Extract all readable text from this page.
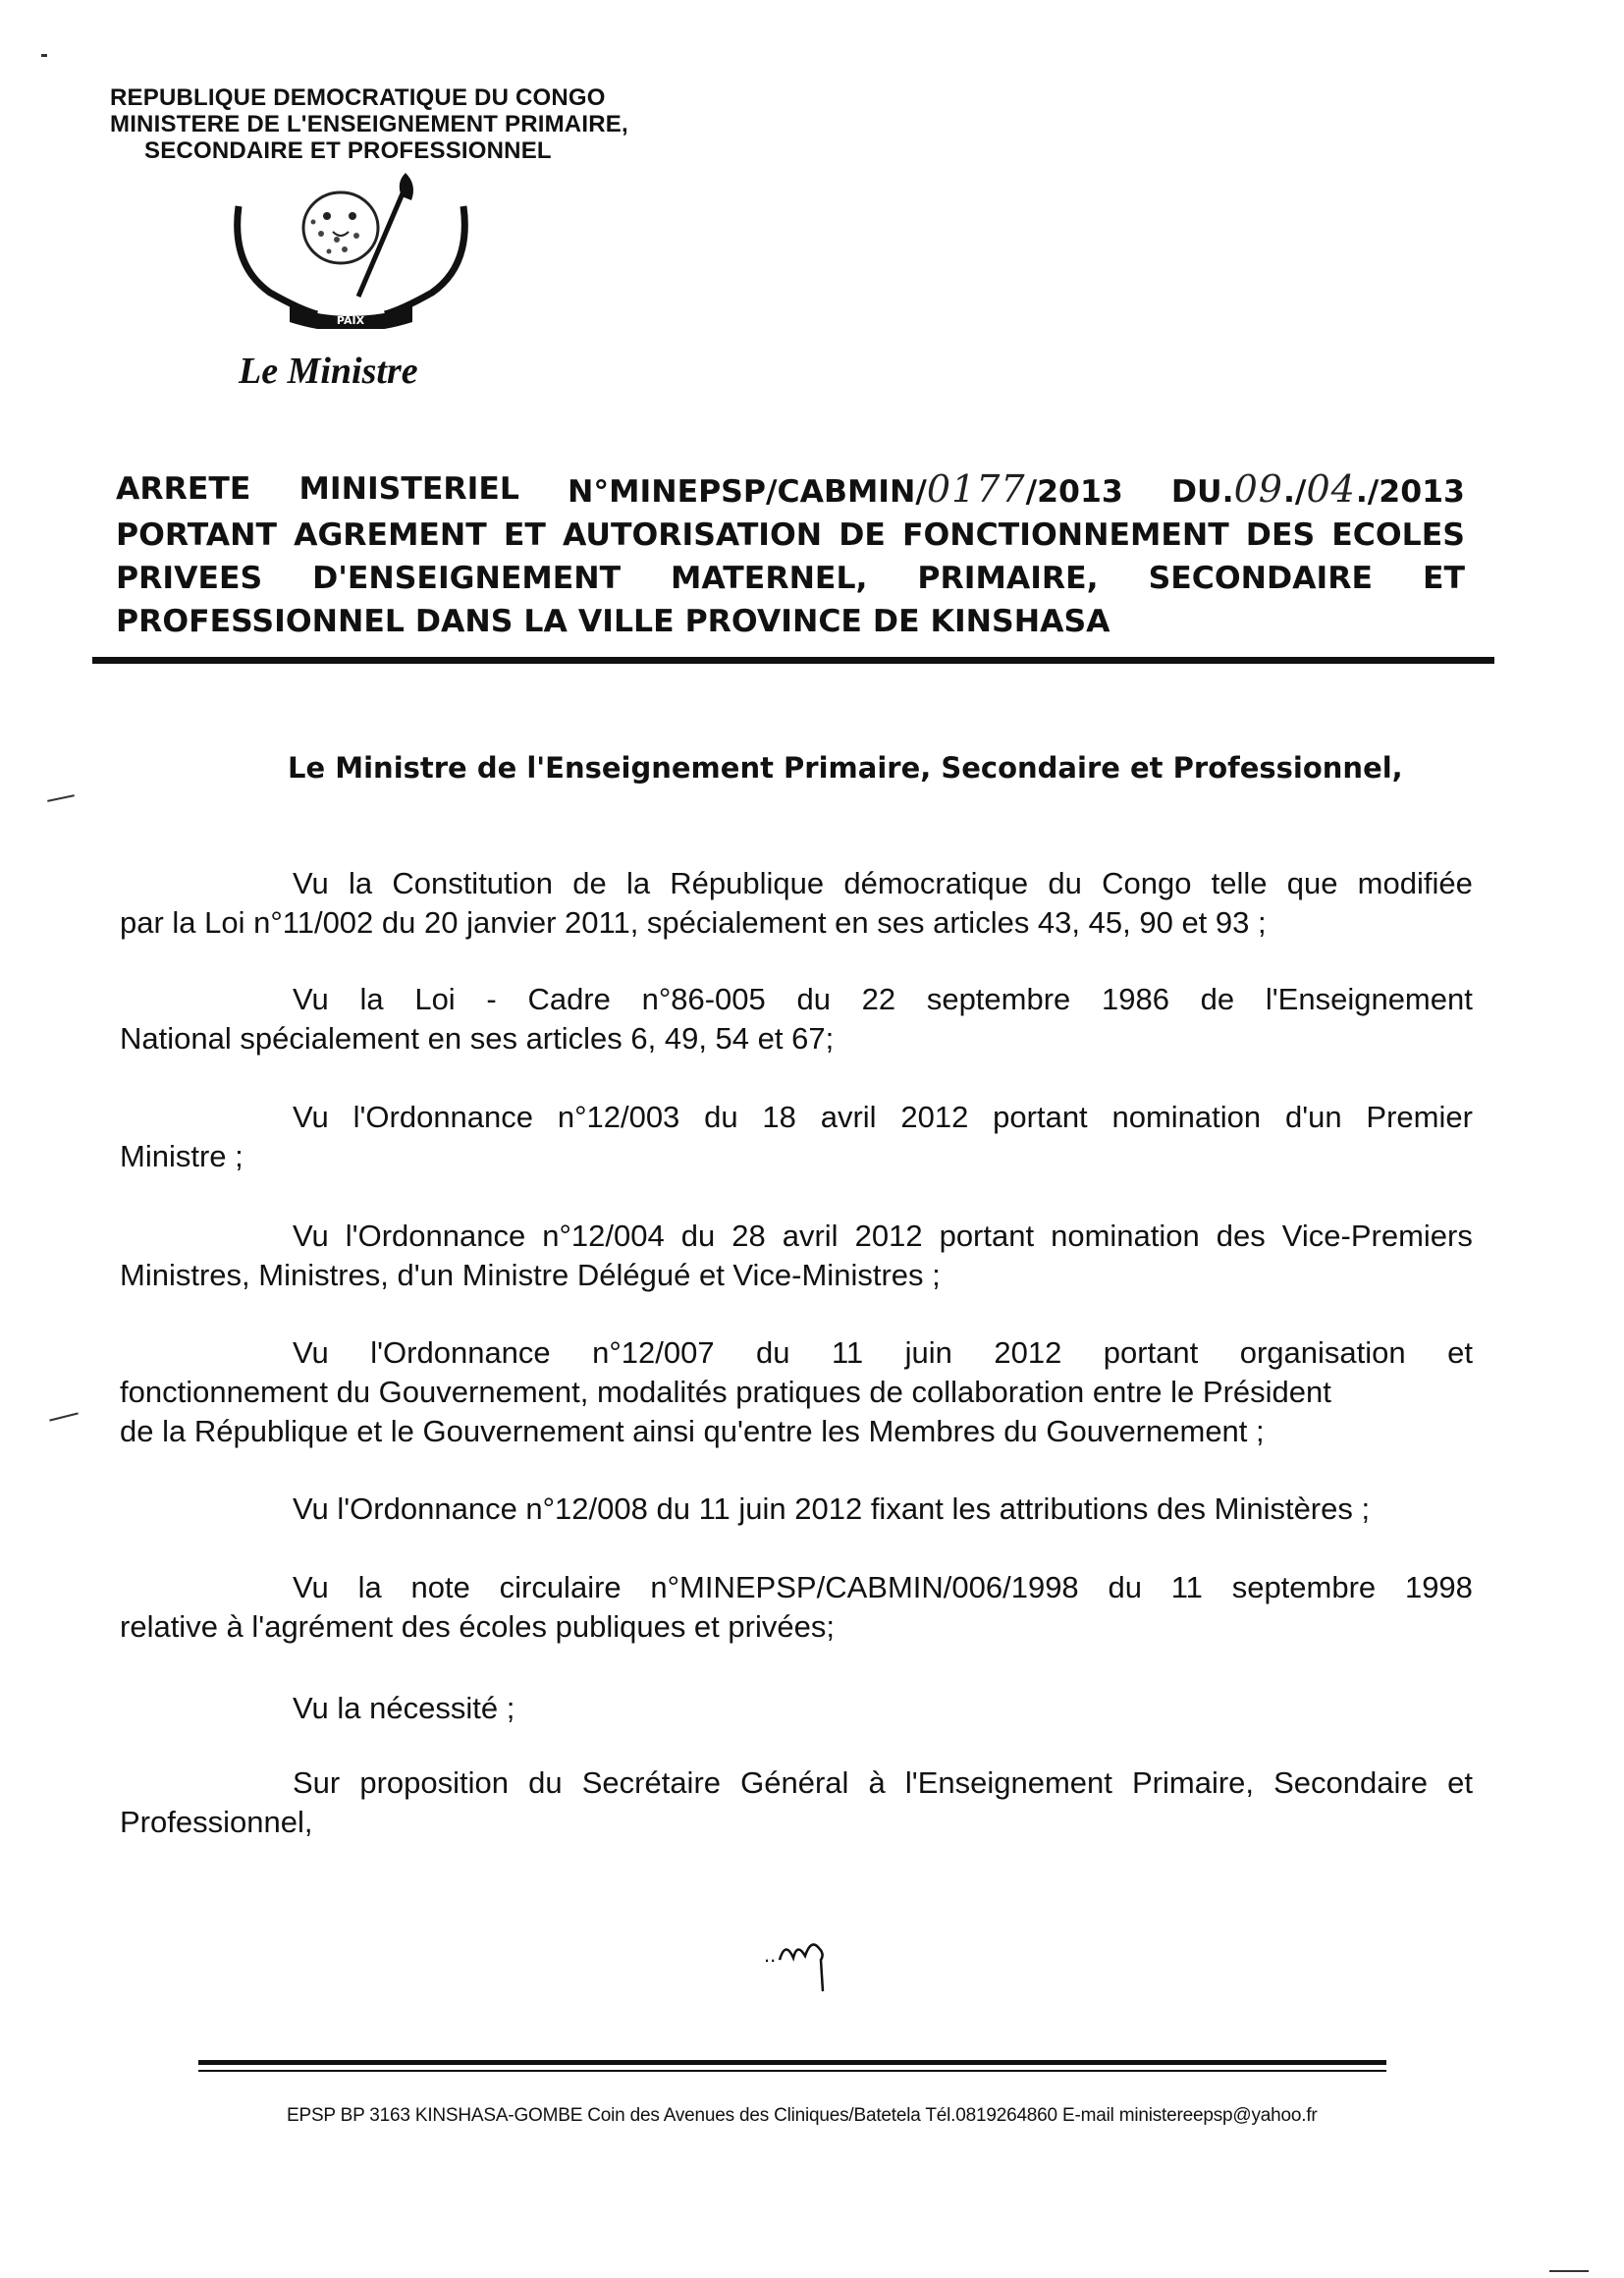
REPUBLIQUE DEMOCRATIQUE DU CONGO
MINISTERE DE L'ENSEIGNEMENT PRIMAIRE,
SECONDAIRE ET PROFESSIONNEL
PAIX
Le Ministre
ARRETE MINISTERIEL N°MINEPSP/CABMIN/0177/2013 DU.09./04./2013
PORTANT AGREMENT ET AUTORISATION DE FONCTIONNEMENT DES ECOLES
PRIVEES D'ENSEIGNEMENT MATERNEL, PRIMAIRE, SECONDAIRE ET
PROFESSIONNEL DANS LA VILLE PROVINCE DE KINSHASA
Le Ministre de l'Enseignement Primaire, Secondaire et Professionnel,
Vu la Constitution de la République démocratique du Congo telle que modifiée
par la Loi n°11/002 du 20 janvier 2011, spécialement en ses articles 43, 45, 90 et 93 ;
Vu la Loi - Cadre n°86-005 du 22 septembre 1986 de l'Enseignement
National spécialement en ses articles 6, 49, 54 et 67;
Vu l'Ordonnance n°12/003 du 18 avril 2012 portant nomination d'un Premier
Ministre ;
Vu l'Ordonnance n°12/004 du 28 avril 2012 portant nomination des Vice-Premiers
Ministres, Ministres, d'un Ministre Délégué et Vice-Ministres ;
Vu l'Ordonnance n°12/007 du 11 juin 2012 portant organisation et
fonctionnement du Gouvernement, modalités pratiques de collaboration entre le Président
de la République et le Gouvernement ainsi qu'entre les Membres du Gouvernement ;
Vu l'Ordonnance n°12/008 du 11 juin 2012 fixant les attributions des Ministères ;
Vu la note circulaire n°MINEPSP/CABMIN/006/1998 du 11 septembre 1998
relative à l'agrément des écoles publiques et privées;
Vu la nécessité ;
Sur proposition du Secrétaire Général à l'Enseignement Primaire, Secondaire et
Professionnel,
..
EPSP BP 3163 KINSHASA-GOMBE Coin des Avenues des Cliniques/Batetela Tél.0819264860 E-mail ministereepsp@yahoo.fr
